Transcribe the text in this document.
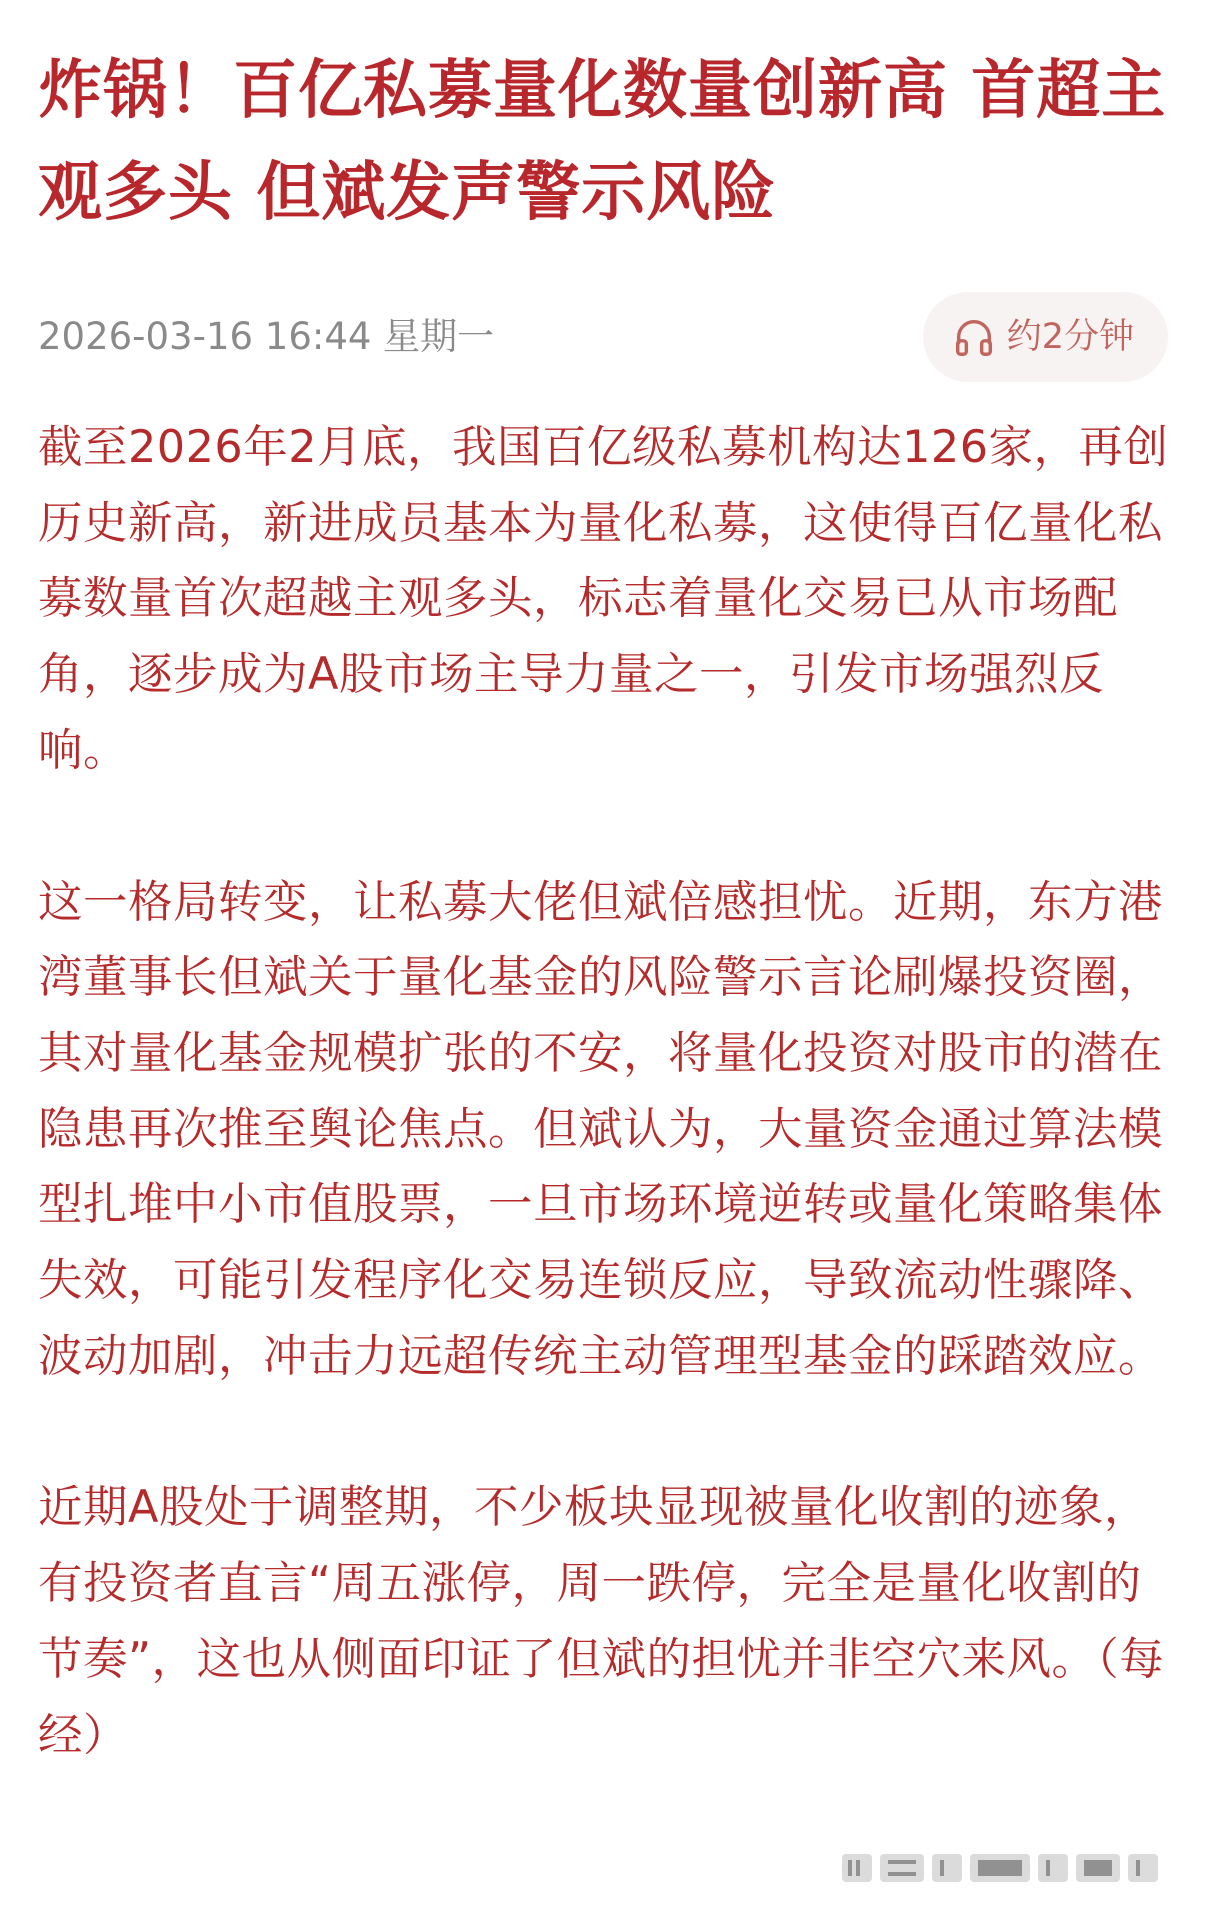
炸锅！百亿私募量化数量创新高 首超主观多头 但斌发声警示风险
2026-03-16 16:44 星期一	约2分钟

截至2026年2月底，我国百亿级私募机构达126家，再创历史新高，新进成员基本为量化私募，这使得百亿量化私募数量首次超越主观多头，标志着量化交易已从市场配角，逐步成为A股市场主导力量之一，引发市场强烈反响。

这一格局转变，让私募大佬但斌倍感担忧。近期，东方港湾董事长但斌关于量化基金的风险警示言论刷爆投资圈，其对量化基金规模扩张的不安，将量化投资对股市的潜在隐患再次推至舆论焦点。但斌认为，大量资金通过算法模型扎堆中小市值股票，一旦市场环境逆转或量化策略集体失效，可能引发程序化交易连锁反应，导致流动性骤降、波动加剧，冲击力远超传统主动管理型基金的踩踏效应。

近期A股处于调整期，不少板块显现被量化收割的迹象，有投资者直言“周五涨停，周一跌停，完全是量化收割的节奏”，这也从侧面印证了但斌的担忧并非空穴来风。（每经）
